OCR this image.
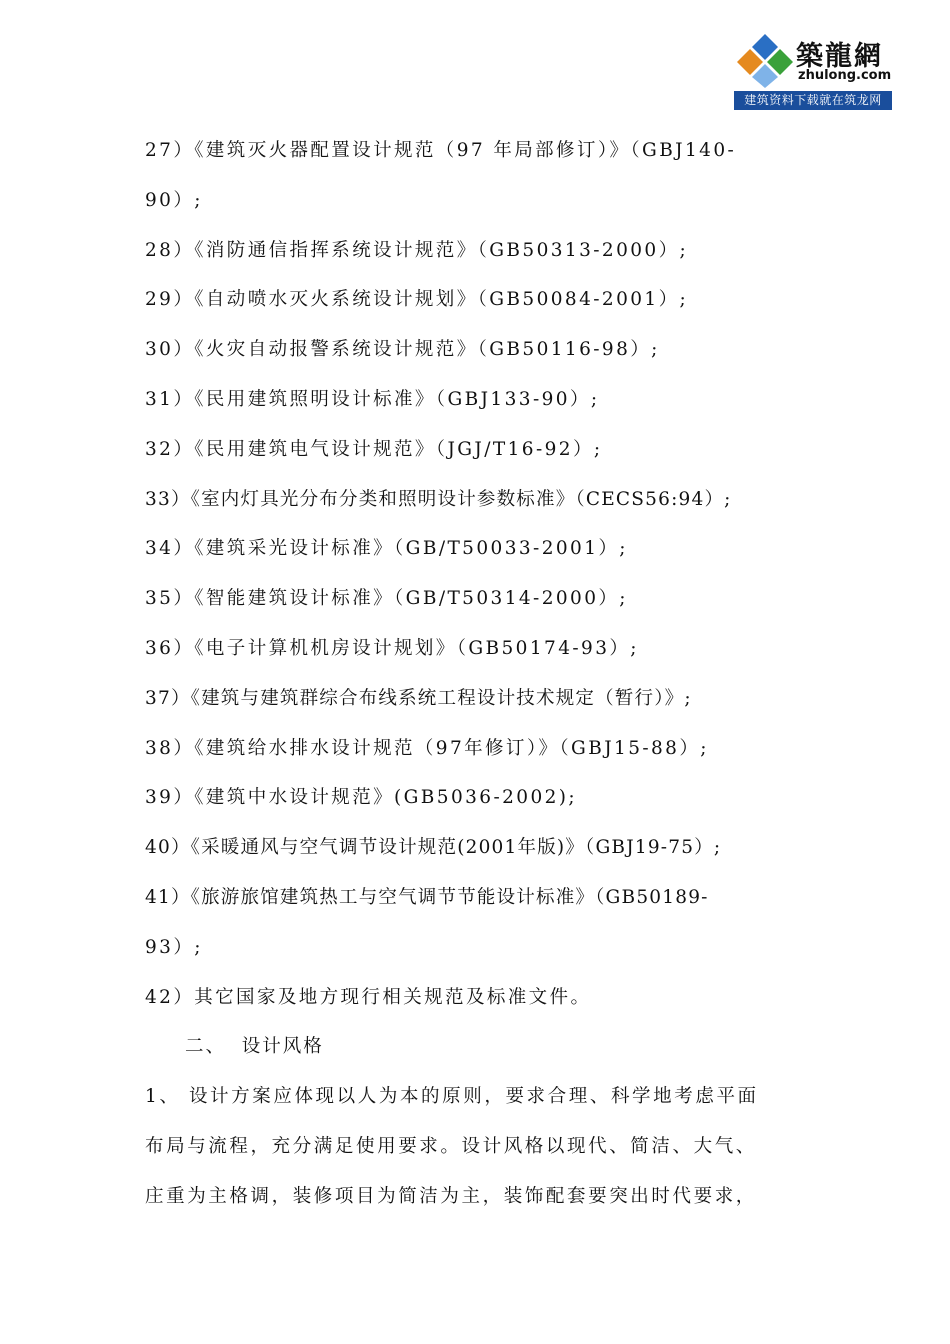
築龍網
zhulong.com
建筑资料下载就在筑龙网
27）《建筑灭火器配置设计规范（97 年局部修订）》（GBJ140-
90）;
28）《消防通信指挥系统设计规范》（GB50313-2000）;
29）《自动喷水灭火系统设计规划》（GB50084-2001）;
30）《火灾自动报警系统设计规范》（GB50116-98）;
31）《民用建筑照明设计标准》（GBJ133-90）;
32）《民用建筑电气设计规范》（JGJ/T16-92）;
33）《室内灯具光分布分类和照明设计参数标准》（CECS56:94）;
34）《建筑采光设计标准》（GB/T50033-2001）;
35）《智能建筑设计标准》（GB/T50314-2000）;
36）《电子计算机机房设计规划》（GB50174-93）;
37）《建筑与建筑群综合布线系统工程设计技术规定（暂行）》;
38）《建筑给水排水设计规范（97年修订）》（GBJ15-88）;
39）《建筑中水设计规范》(GB5036-2002);
40）《采暖通风与空气调节设计规范(2001年版)》（GBJ19-75）;
41）《旅游旅馆建筑热工与空气调节节能设计标准》（GB50189-
93）;
42）其它国家及地方现行相关规范及标准文件。
二、  设计风格
1、 设计方案应体现以人为本的原则，要求合理、科学地考虑平面
布局与流程，充分满足使用要求。设计风格以现代、简洁、大气、
庄重为主格调，装修项目为简洁为主，装饰配套要突出时代要求，
